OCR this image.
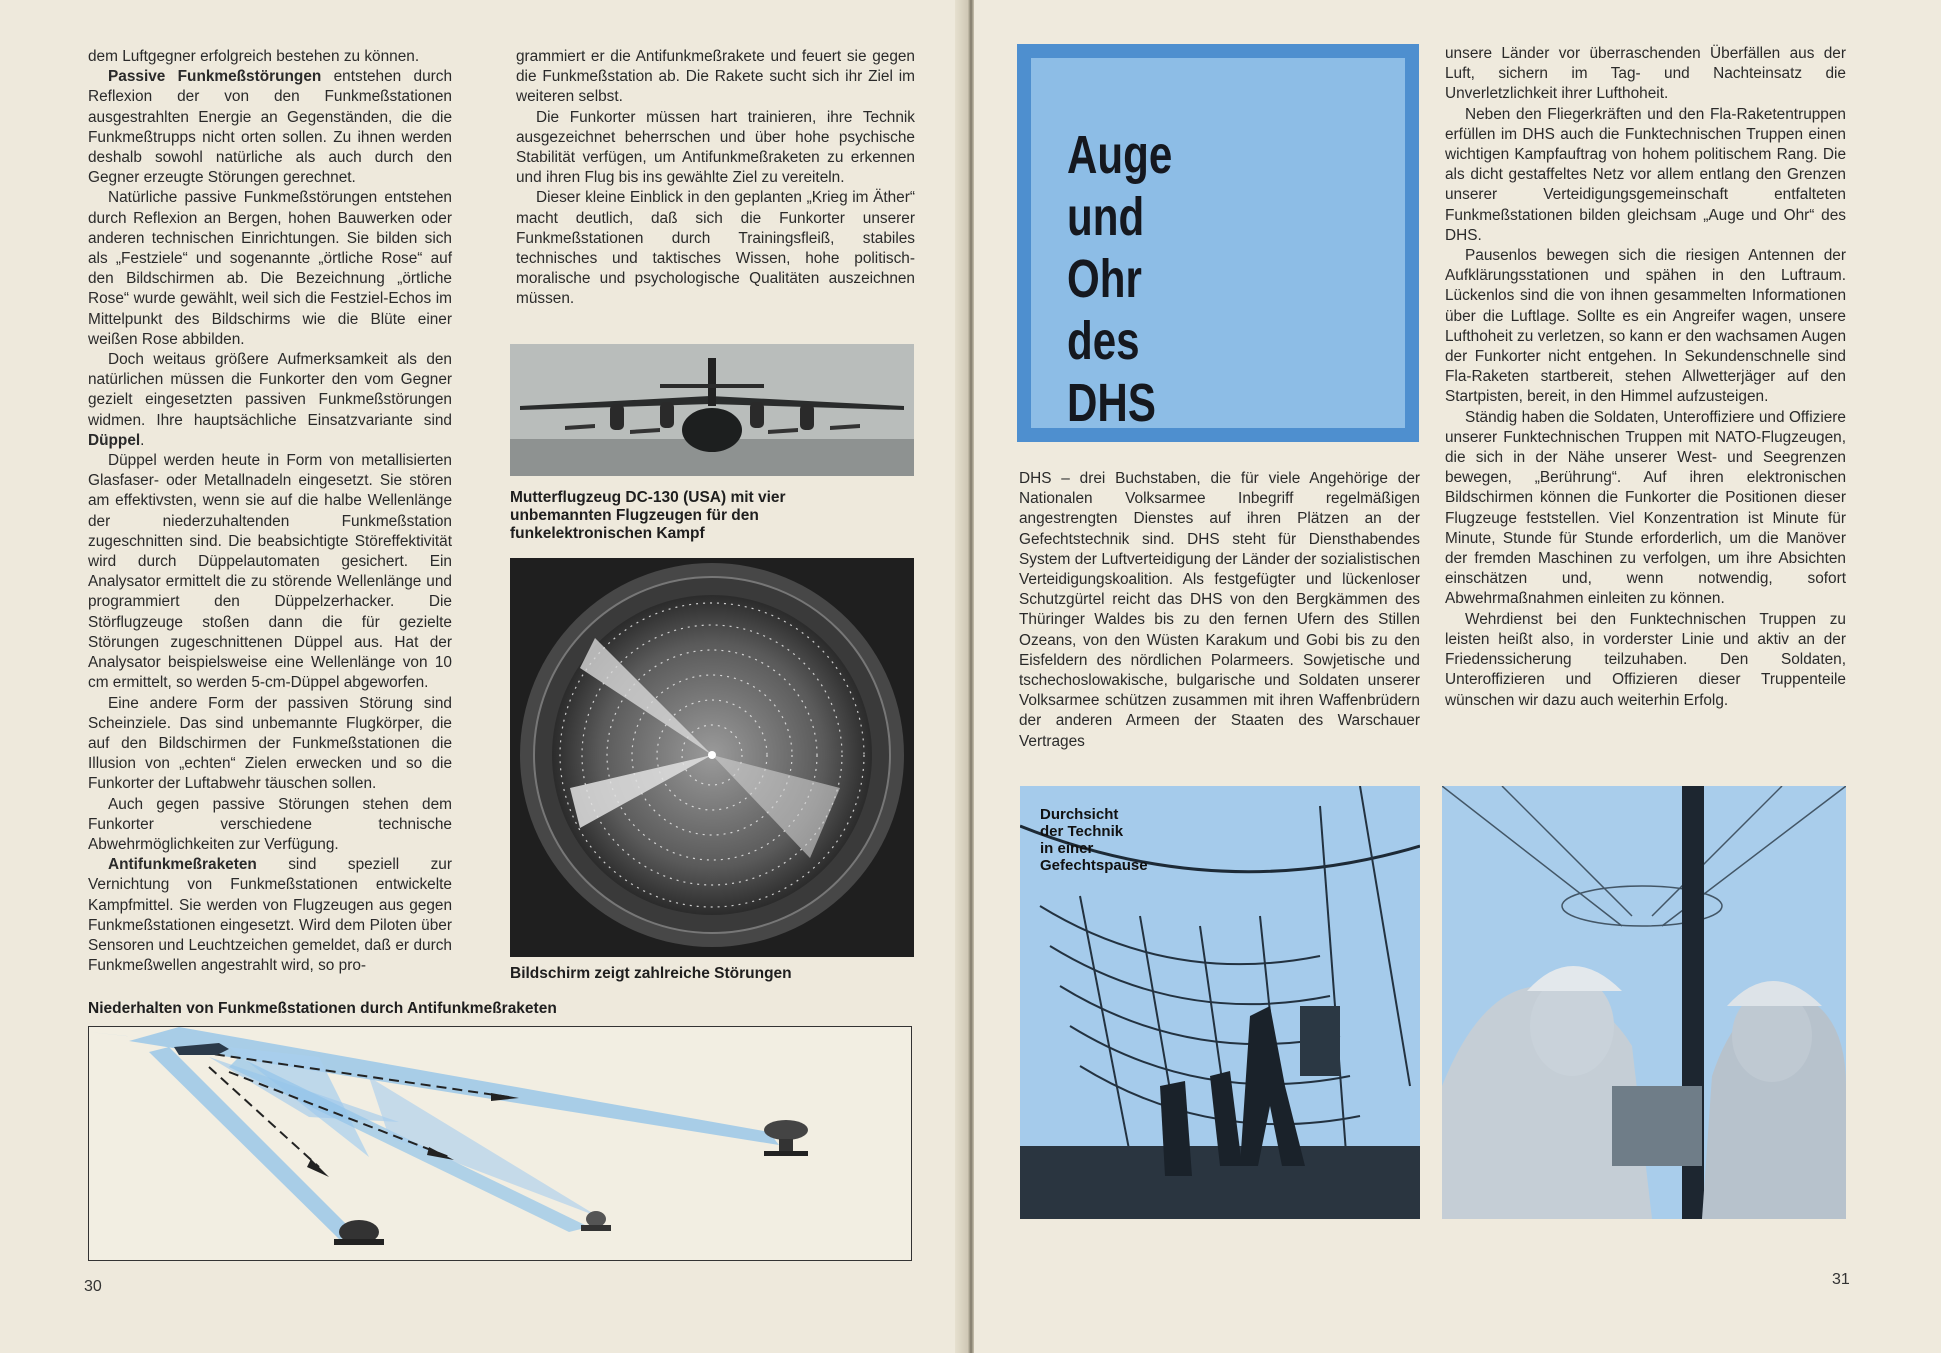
dem Luftgegner erfolgreich bestehen zu können.

Passive Funkmeßstörungen entstehen durch Reflexion der von den Funkmeßstationen ausgestrahlten Energie an Gegenständen, die die Funkmeßtrupps nicht orten sollen. Zu ihnen werden deshalb sowohl natürliche als auch durch den Gegner erzeugte Störungen gerechnet.

Natürliche passive Funkmeßstörungen entstehen durch Reflexion an Bergen, hohen Bauwerken oder anderen technischen Einrichtungen. Sie bilden sich als „Festziele“ und sogenannte „örtliche Rose“ auf den Bildschirmen ab. Die Bezeichnung „örtliche Rose“ wurde gewählt, weil sich die Festziel-Echos im Mittelpunkt des Bildschirms wie die Blüte einer weißen Rose abbilden.

Doch weitaus größere Aufmerksamkeit als den natürlichen müssen die Funkorter den vom Gegner gezielt eingesetzten passiven Funkmeßstörungen widmen. Ihre hauptsächliche Einsatzvariante sind Düppel.

Düppel werden heute in Form von metallisierten Glasfaser- oder Metallnadeln eingesetzt. Sie stören am effektivsten, wenn sie auf die halbe Wellenlänge der niederzuhaltenden Funkmeßstation zugeschnitten sind. Die beabsichtigte Störeffektivität wird durch Düppelautomaten gesichert. Ein Analysator ermittelt die zu störende Wellenlänge und programmiert den Düppelzerhacker. Die Störflugzeuge stoßen dann die für gezielte Störungen zugeschnittenen Düppel aus. Hat der Analysator beispielsweise eine Wellenlänge von 10 cm ermittelt, so werden 5-cm-Düppel abgeworfen.

Eine andere Form der passiven Störung sind Scheinziele. Das sind unbemannte Flugkörper, die auf den Bildschirmen der Funkmeßstationen die Illusion von „echten“ Zielen erwecken und so die Funkorter der Luftabwehr täuschen sollen.

Auch gegen passive Störungen stehen dem Funkorter verschiedene technische Abwehrmöglichkeiten zur Verfügung.

Antifunkmeßraketen sind speziell zur Vernichtung von Funkmeßstationen entwickelte Kampfmittel. Sie werden von Flugzeugen aus gegen Funkmeßstationen eingesetzt. Wird dem Piloten über Sensoren und Leuchtzeichen gemeldet, daß er durch Funkmeßwellen angestrahlt wird, so pro-

grammiert er die Antifunkmeßrakete und feuert sie gegen die Funkmeßstation ab. Die Rakete sucht sich ihr Ziel im weiteren selbst.

Die Funkorter müssen hart trainieren, ihre Technik ausgezeichnet beherrschen und über hohe psychische Stabilität verfügen, um Antifunkmeßraketen zu erkennen und ihren Flug bis ins gewählte Ziel zu vereiteln.

Dieser kleine Einblick in den geplanten „Krieg im Äther“ macht deutlich, daß sich die Funkorter unserer Funkmeßstationen durch Trainingsfleiß, stabiles technisches und taktisches Wissen, hohe politisch-moralische und psychologische Qualitäten auszeichnen müssen.

Mutterflugzeug DC-130 (USA) mit vier
unbemannten Flugzeugen für den
funkelektronischen Kampf
Bildschirm zeigt zahlreiche Störungen
Niederhalten von Funkmeßstationen durch Antifunkmeßraketen
30
Auge
und
Ohr
des
DHS

DHS – drei Buchstaben, die für viele Angehörige der Nationalen Volksarmee Inbegriff regelmäßigen angestrengten Dienstes auf ihren Plätzen an der Gefechtstechnik sind. DHS steht für Diensthabendes System der Luftverteidigung der Länder der sozialistischen Verteidigungskoalition. Als festgefügter und lückenloser Schutzgürtel reicht das DHS von den Bergkämmen des Thüringer Waldes bis zu den fernen Ufern des Stillen Ozeans, von den Wüsten Karakum und Gobi bis zu den Eisfeldern des nördlichen Polarmeers. Sowjetische und tschechoslowakische, bulgarische und Soldaten unserer Volksarmee schützen zusammen mit ihren Waffenbrüdern der anderen Armeen der Staaten des Warschauer Vertrages

unsere Länder vor überraschenden Überfällen aus der Luft, sichern im Tag- und Nachteinsatz die Unverletzlichkeit ihrer Lufthoheit.

Neben den Fliegerkräften und den Fla-Raketentruppen erfüllen im DHS auch die Funktechnischen Truppen einen wichtigen Kampfauftrag von hohem politischem Rang. Die als dicht gestaffeltes Netz vor allem entlang den Grenzen unserer Verteidigungsgemeinschaft entfalteten Funkmeßstationen bilden gleichsam „Auge und Ohr“ des DHS.

Pausenlos bewegen sich die riesigen Antennen der Aufklärungsstationen und spähen in den Luftraum. Lückenlos sind die von ihnen gesammelten Informationen über die Luftlage. Sollte es ein Angreifer wagen, unsere Lufthoheit zu verletzen, so kann er den wachsamen Augen der Funkorter nicht entgehen. In Sekundenschnelle sind Fla-Raketen startbereit, stehen Allwetterjäger auf den Startpisten, bereit, in den Himmel aufzusteigen.

Ständig haben die Soldaten, Unteroffiziere und Offiziere unserer Funktechnischen Truppen mit NATO-Flugzeugen, die sich in der Nähe unserer West- und Seegrenzen bewegen, „Berührung“. Auf ihren elektronischen Bildschirmen können die Funkorter die Positionen dieser Flugzeuge feststellen. Viel Konzentration ist Minute für Minute, Stunde für Stunde erforderlich, um die Manöver der fremden Maschinen zu verfolgen, um ihre Absichten einschätzen und, wenn notwendig, sofort Abwehrmaßnahmen einleiten zu können.

Wehrdienst bei den Funktechnischen Truppen zu leisten heißt also, in vorderster Linie und aktiv an der Friedenssicherung teilzuhaben. Den Soldaten, Unteroffizieren und Offizieren dieser Truppenteile wünschen wir dazu auch weiterhin Erfolg.

Durchsicht
der Technik
in einer
Gefechtspause
31
